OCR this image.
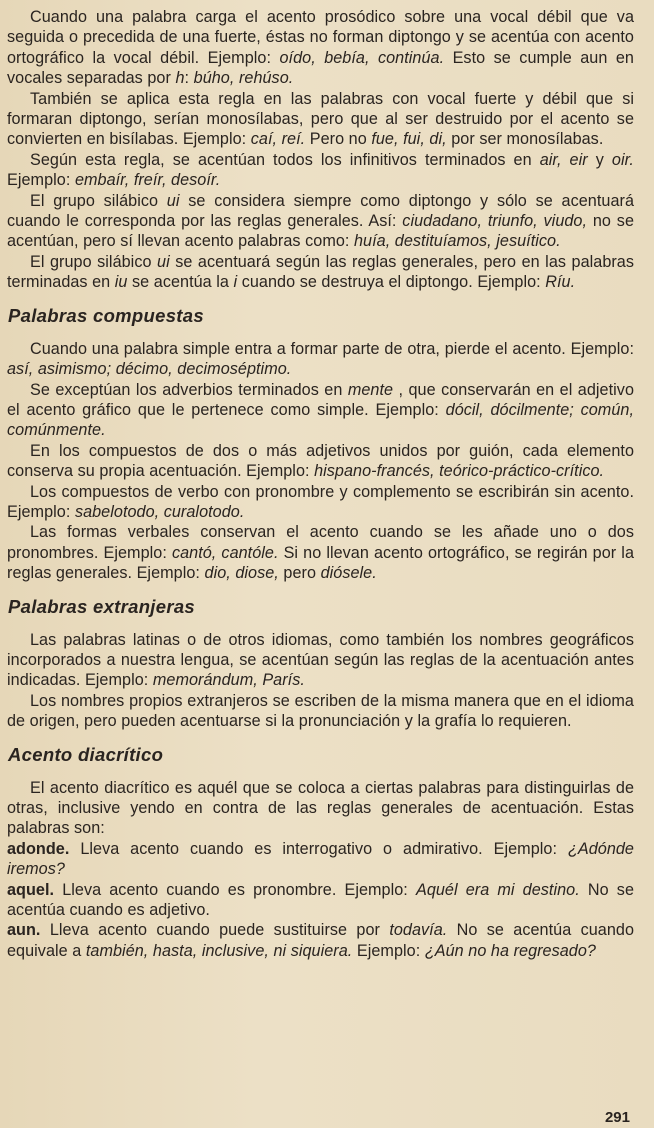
Cuando una palabra carga el acento prosódico sobre una vocal débil que va seguida o precedida de una fuerte, éstas no forman diptongo y se acentúa con acento ortográfico la vocal débil. Ejemplo: oído, bebía, continúa. Esto se cumple aun en vocales separadas por h: búho, rehúso.

También se aplica esta regla en las palabras con vocal fuerte y débil que si formaran diptongo, serían monosílabas, pero que al ser destruido por el acento se convierten en bisílabas. Ejemplo: caí, reí. Pero no fue, fui, di, por ser monosílabas.

Según esta regla, se acentúan todos los infinitivos terminados en air, eir y oir. Ejemplo: embaír, freír, desoír.

El grupo silábico ui se considera siempre como diptongo y sólo se acentuará cuando le corresponda por las reglas generales. Así: ciudadano, triunfo, viudo, no se acentúan, pero sí llevan acento palabras como: huía, destituíamos, jesuítico.

El grupo silábico ui se acentuará según las reglas generales, pero en las palabras terminadas en iu se acentúa la i cuando se destruya el diptongo. Ejemplo: Ríu.

Palabras compuestas

Cuando una palabra simple entra a formar parte de otra, pierde el acento. Ejemplo: así, asimismo; décimo, decimoséptimo.

Se exceptúan los adverbios terminados en mente , que conservarán en el adjetivo el acento gráfico que le pertenece como simple. Ejemplo: dócil, dócilmente; común, comúnmente.

En los compuestos de dos o más adjetivos unidos por guión, cada elemento conserva su propia acentuación. Ejemplo: hispano-francés, teórico-práctico-crítico.

Los compuestos de verbo con pronombre y complemento se escribirán sin acento. Ejemplo: sabelotodo, curalotodo.

Las formas verbales conservan el acento cuando se les añade uno o dos pronombres. Ejemplo: cantó, cantóle. Si no llevan acento ortográfico, se regirán por la reglas generales. Ejemplo: dio, diose, pero diósele.

Palabras extranjeras

Las palabras latinas o de otros idiomas, como también los nombres geográficos incorporados a nuestra lengua, se acentúan según las reglas de la acentuación antes indicadas. Ejemplo: memorándum, París.

Los nombres propios extranjeros se escriben de la misma manera que en el idioma de origen, pero pueden acentuarse si la pronunciación y la grafía lo requieren.

Acento diacrítico

El acento diacrítico es aquél que se coloca a ciertas palabras para distinguirlas de otras, inclusive yendo en contra de las reglas generales de acentuación. Estas palabras son:

adonde. Lleva acento cuando es interrogativo o admirativo. Ejemplo: ¿Adónde iremos?

aquel. Lleva acento cuando es pronombre. Ejemplo: Aquél era mi destino. No se acentúa cuando es adjetivo.

aun. Lleva acento cuando puede sustituirse por todavía. No se acentúa cuando equivale a también, hasta, inclusive, ni siquiera. Ejemplo: ¿Aún no ha regresado?

291
